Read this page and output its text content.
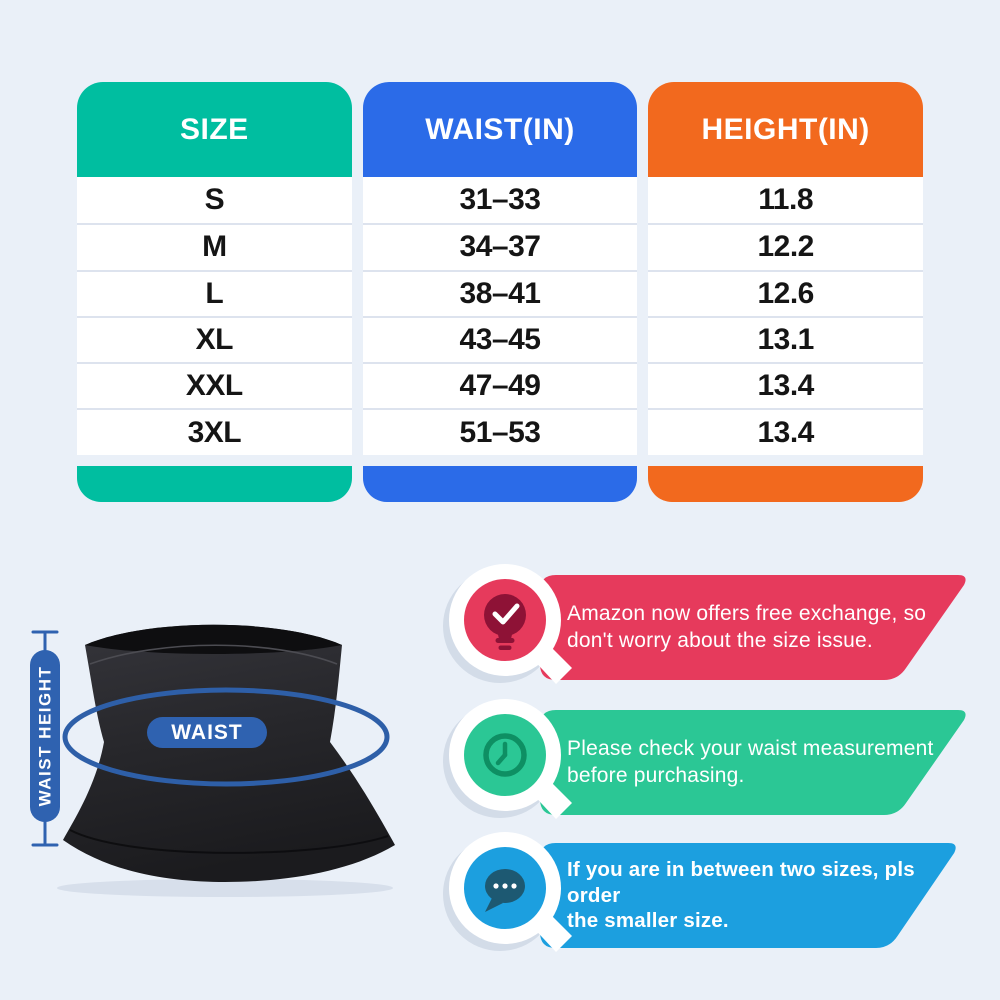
SIZE
S
M
L
XL
XXL
3XL
WAIST(IN)
31–33
34–37
38–41
43–45
47–49
51–53
HEIGHT(IN)
11.8
12.2
12.6
13.1
13.4
13.4
WAIST
WAIST HEIGHT
Amazon now offers free exchange, so
don't worry about the size issue.
Please check your waist measurement
before purchasing.
If you are in between two sizes, pls order
the smaller size.
